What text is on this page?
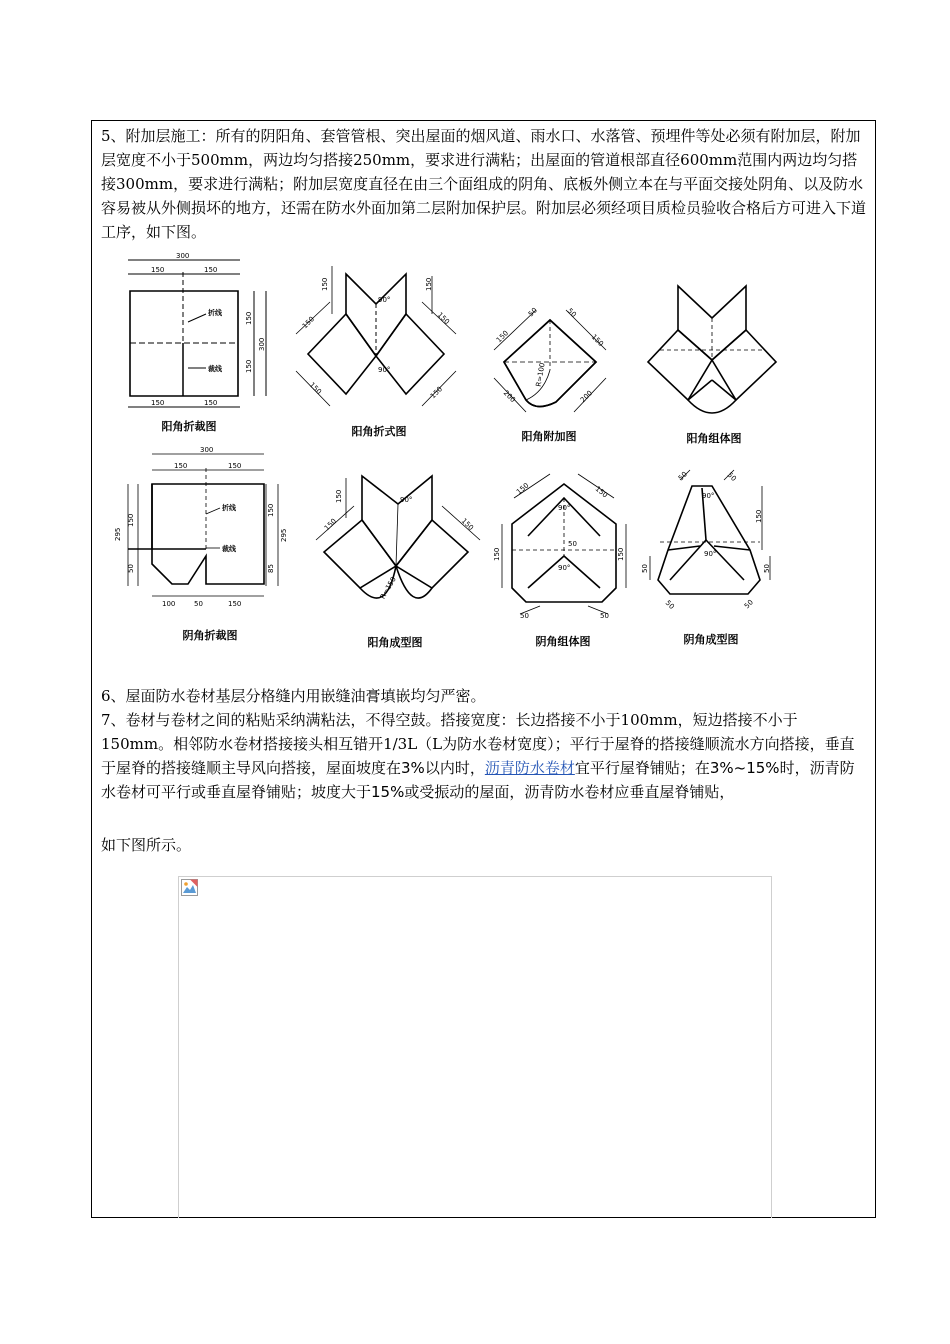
5、附加层施工：所有的阴阳角、套管管根、突出屋面的烟风道、雨水口、水落管、预埋件等处必须有附加层，附加层宽度不小于500mm，两边均匀搭接250mm，要求进行满粘；出屋面的管道根部直径600mm范围内两边均匀搭接300mm，要求进行满粘；附加层宽度直径在由三个面组成的阴角、底板外侧立本在与平面交接处阴角、以及防水容易被从外侧损坏的地方，还需在防水外面加第二层附加保护层。附加层必须经项目质检员验收合格后方可进入下道工序，如下图。

300
150	150
150	150
150
150
300
折线
裁线
阳角折裁图
90°
90°
150	150
150	150
150	150
阳角折式图
R=100
150
50	50
150
200	200
阳角附加图	阳角组体图
300
150	150
100	50	150
295
150
50
150
85
295
折线
裁线
阴角折裁图
90°
R=150
150
150	150
阳角成型图
90°
90°
50
150	150
150	150
50	50
阴角组体图
90°
90°
50	50
150
50	50
50	50
阴角成型图

6、屋面防水卷材基层分格缝内用嵌缝油膏填嵌均匀严密。

7、卷材与卷材之间的粘贴采纳满粘法，不得空鼓。搭接宽度：长边搭接不小于100mm，短边搭接不小于150mm。相邻防水卷材搭接接头相互错开1/3L（L为防水卷材宽度）；平行于屋脊的搭接缝顺流水方向搭接，垂直于屋脊的搭接缝顺主导风向搭接，屋面坡度在3%以内时，沥青防水卷材宜平行屋脊铺贴；在3%~15%时，沥青防水卷材可平行或垂直屋脊铺贴；坡度大于15%或受振动的屋面，沥青防水卷材应垂直屋脊铺贴，

如下图所示。
